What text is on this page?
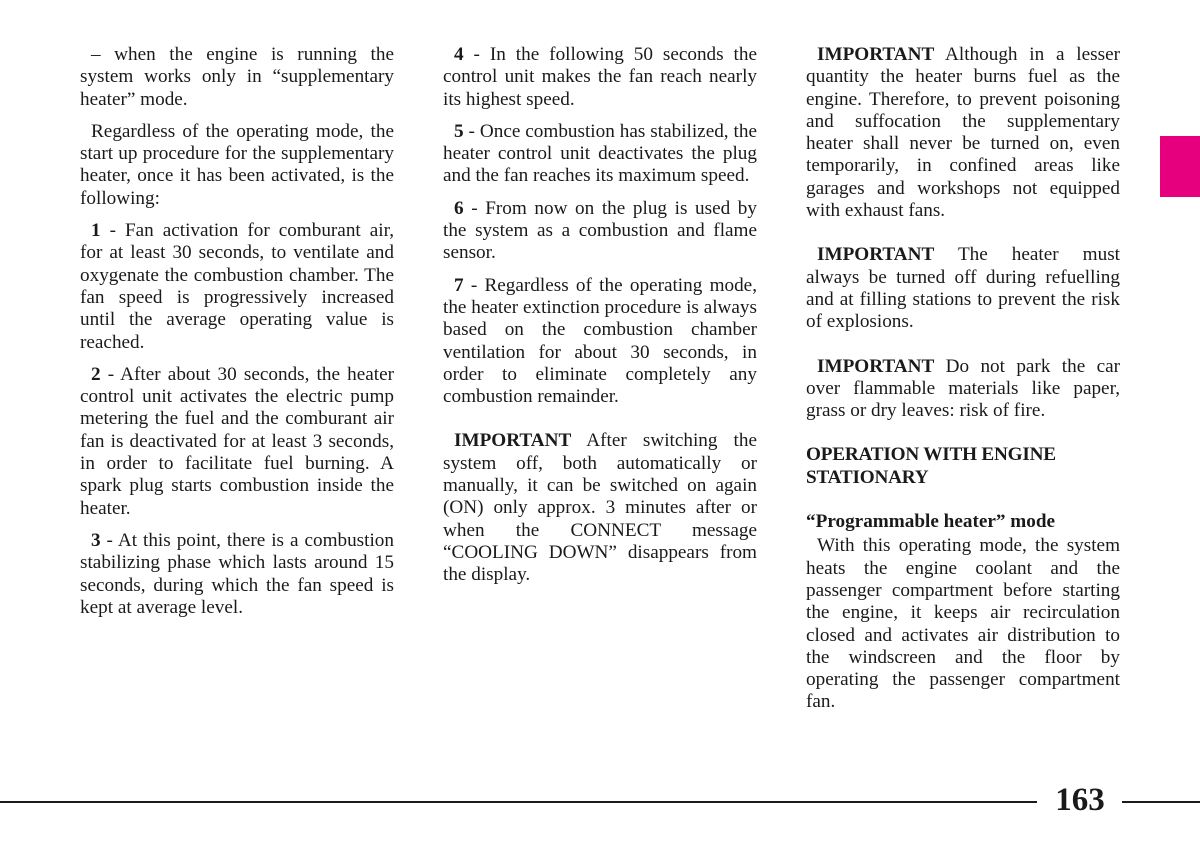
– when the engine is running the system works only in “supplementary heater” mode.

Regardless of the operating mode, the start up procedure for the supplementary heater, once it has been activated, is the following:

1 - Fan activation for comburant air, for at least 30 seconds, to ventilate and oxygenate the combustion chamber. The fan speed is progressively increased until the average operating value is reached.

2 - After about 30 seconds, the heater control unit activates the electric pump metering the fuel and the comburant air fan is deactivated for at least 3 seconds, in order to facilitate fuel burning. A spark plug starts combustion inside the heater.

3 - At this point, there is a combustion stabilizing phase which lasts around 15 seconds, during which the fan speed is kept at average level.

4 - In the following 50 seconds the control unit makes the fan reach nearly its highest speed.

5 - Once combustion has stabilized, the heater control unit deactivates the plug and the fan reaches its maximum speed.

6 - From now on the plug is used by the system as a combustion and flame sensor.

7 - Regardless of the operating mode, the heater extinction procedure is always based on the combustion chamber ventilation for about 30 seconds, in order to eliminate completely any combustion remainder.

IMPORTANT After switching the system off, both automatically or manually, it can be switched on again (ON) only approx. 3 minutes after or when the CONNECT message “COOLING DOWN” disappears from the display.

IMPORTANT Although in a lesser quantity the heater burns fuel as the engine. Therefore, to prevent poisoning and suffocation the supplementary heater shall never be turned on, even temporarily, in confined areas like garages and workshops not equipped with exhaust fans.

IMPORTANT The heater must always be turned off during refuelling and at filling stations to prevent the risk of explosions.

IMPORTANT Do not park the car over flammable materials like paper, grass or dry leaves: risk of fire.

OPERATION WITH ENGINE
STATIONARY
“Programmable heater” mode

With this operating mode, the system heats the engine coolant and the passenger compartment before starting the engine, it keeps air recirculation closed and activates air distribution to the windscreen and the floor by operating the passenger compartment fan.

163
